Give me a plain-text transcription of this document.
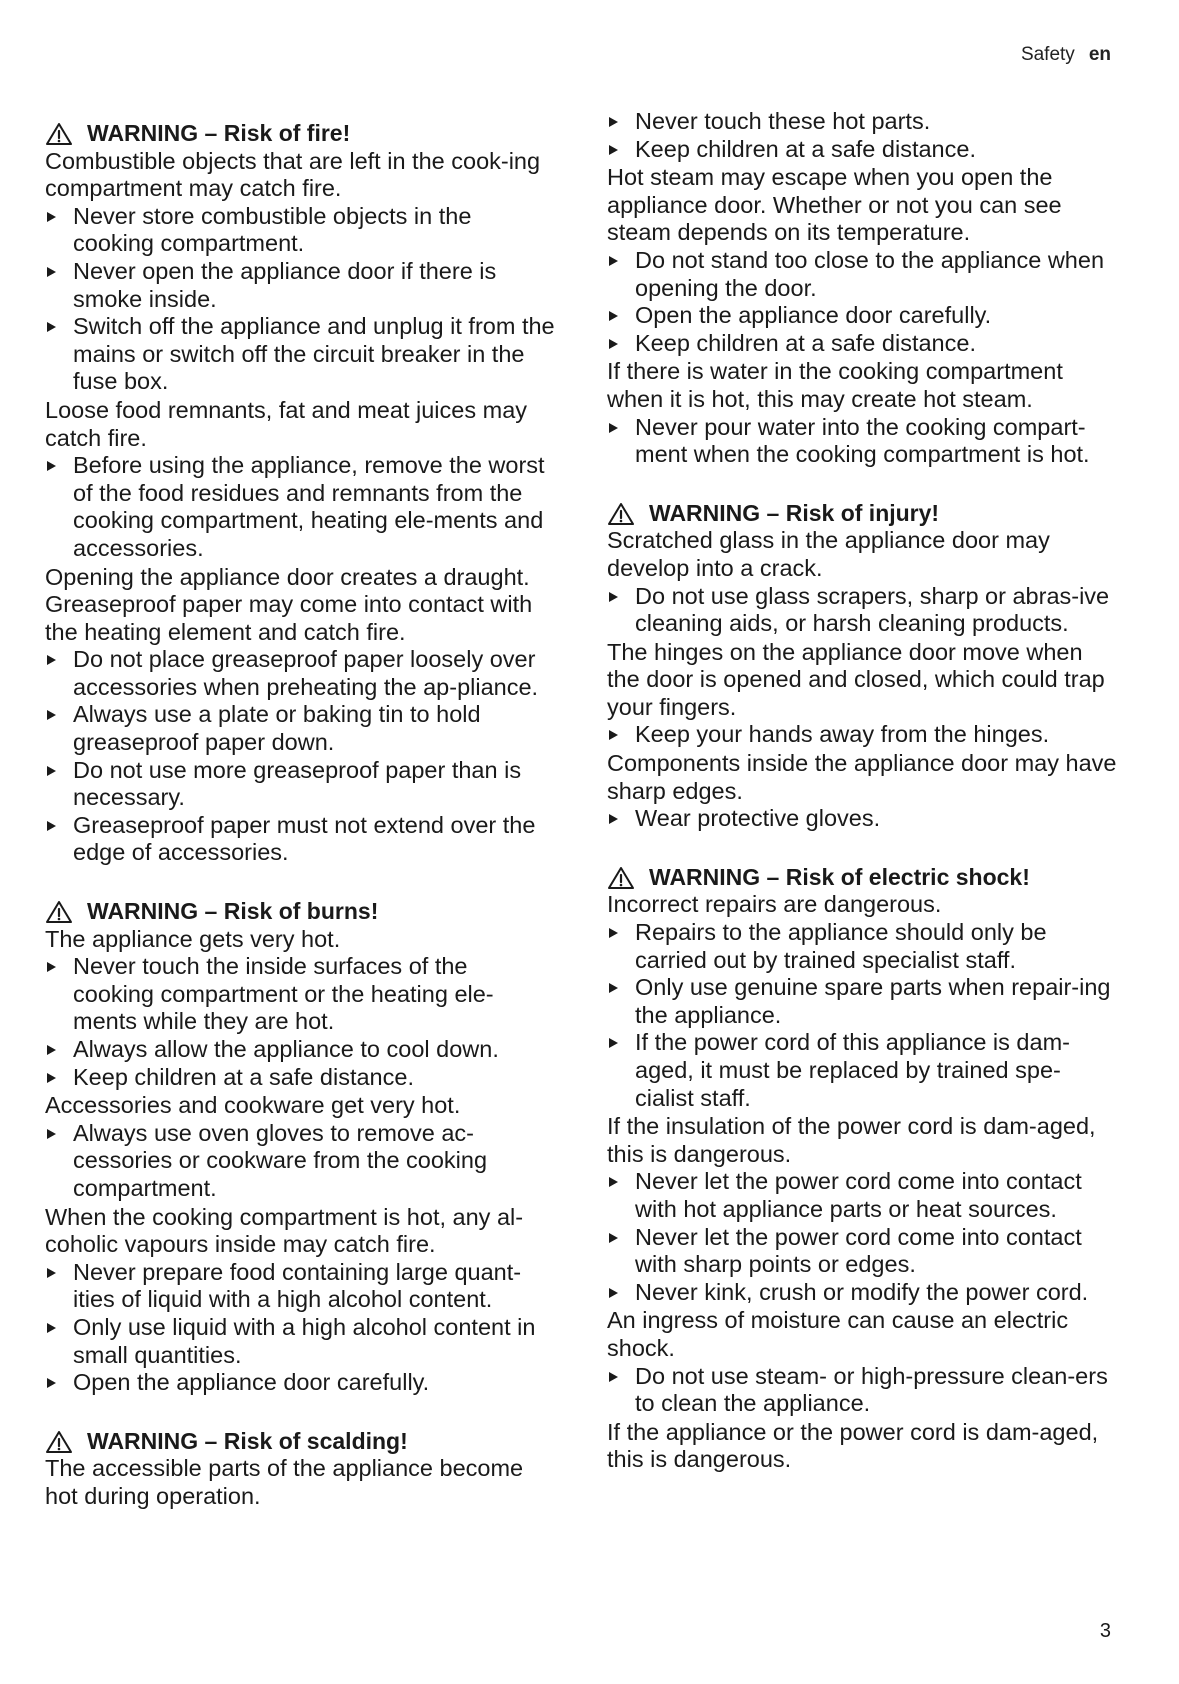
Safety en
WARNING – Risk of fire!

Combustible objects that are left in the cook-ing compartment may catch fire.

Never store combustible objects in the cooking compartment.
Never open the appliance door if there is smoke inside.
Switch off the appliance and unplug it from the mains or switch off the circuit breaker in the fuse box.

Loose food remnants, fat and meat juices may catch fire.

Before using the appliance, remove the worst of the food residues and remnants from the cooking compartment, heating ele-ments and accessories.

Opening the appliance door creates a draught. Greaseproof paper may come into contact with the heating element and catch fire.

Do not place greaseproof paper loosely over accessories when preheating the ap-pliance.
Always use a plate or baking tin to hold greaseproof paper down.
Do not use more greaseproof paper than is necessary.
Greaseproof paper must not extend over the edge of accessories.
WARNING – Risk of burns!

The appliance gets very hot.

Never touch the inside surfaces of the cooking compartment or the heating ele-ments while they are hot.
Always allow the appliance to cool down.
Keep children at a safe distance.

Accessories and cookware get very hot.

Always use oven gloves to remove ac-cessories or cookware from the cooking compartment.

When the cooking compartment is hot, any al-coholic vapours inside may catch fire.

Never prepare food containing large quant-ities of liquid with a high alcohol content.
Only use liquid with a high alcohol content in small quantities.
Open the appliance door carefully.
WARNING – Risk of scalding!

The accessible parts of the appliance become hot during operation.

Never touch these hot parts.
Keep children at a safe distance.

Hot steam may escape when you open the appliance door. Whether or not you can see steam depends on its temperature.

Do not stand too close to the appliance when opening the door.
Open the appliance door carefully.
Keep children at a safe distance.

If there is water in the cooking compartment when it is hot, this may create hot steam.

Never pour water into the cooking compart-ment when the cooking compartment is hot.
WARNING – Risk of injury!

Scratched glass in the appliance door may develop into a crack.

Do not use glass scrapers, sharp or abras-ive cleaning aids, or harsh cleaning products.

The hinges on the appliance door move when the door is opened and closed, which could trap your fingers.

Keep your hands away from the hinges.

Components inside the appliance door may have sharp edges.

Wear protective gloves.
WARNING – Risk of electric shock!

Incorrect repairs are dangerous.

Repairs to the appliance should only be carried out by trained specialist staff.
Only use genuine spare parts when repair-ing the appliance.
If the power cord of this appliance is dam-aged, it must be replaced by trained spe-cialist staff.

If the insulation of the power cord is dam-aged, this is dangerous.

Never let the power cord come into contact with hot appliance parts or heat sources.
Never let the power cord come into contact with sharp points or edges.
Never kink, crush or modify the power cord.

An ingress of moisture can cause an electric shock.

Do not use steam- or high-pressure clean-ers to clean the appliance.

If the appliance or the power cord is dam-aged, this is dangerous.

3
